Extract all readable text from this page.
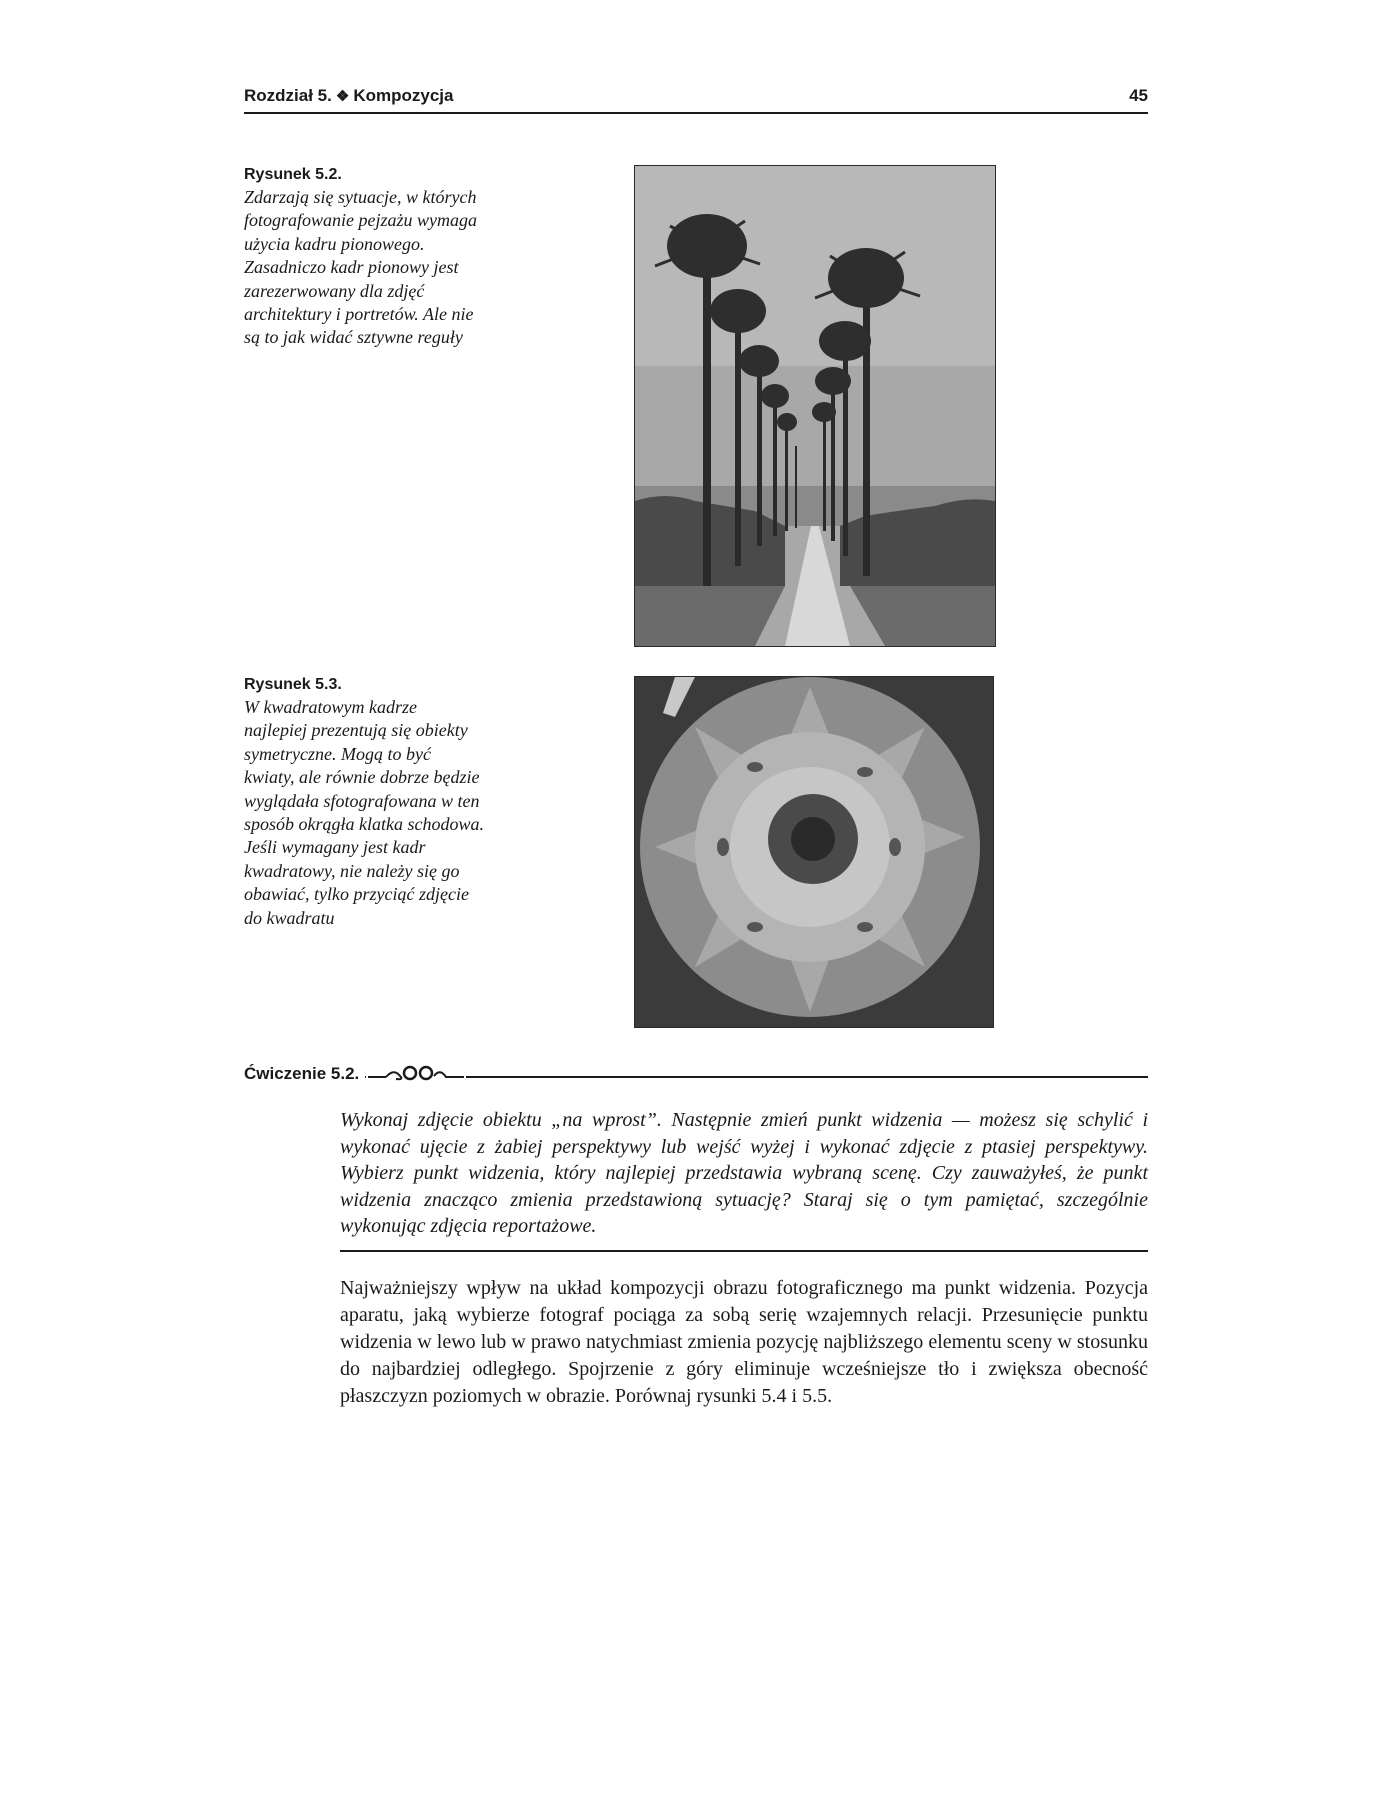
Rozdział 5. ❖ Kompozycja	45
Rysunek 5.2.
Zdarzają się sytuacje, w których fotografowanie pejzażu wymaga użycia kadru pionowego. Zasadniczo kadr pionowy jest zarezerwowany dla zdjęć architektury i portretów. Ale nie są to jak widać sztywne reguły
Rysunek 5.3.
W kwadratowym kadrze najlepiej prezentują się obiekty symetryczne. Mogą to być kwiaty, ale równie dobrze będzie wyglądała sfotografowana w ten sposób okrągła klatka schodowa. Jeśli wymagany jest kadr kwadratowy, nie należy się go obawiać, tylko przyciąć zdjęcie do kwadratu
Ćwiczenie 5.2.
Wykonaj zdjęcie obiektu „na wprost”. Następnie zmień punkt widzenia — możesz się schylić i wykonać ujęcie z żabiej perspektywy lub wejść wyżej i wykonać zdjęcie z ptasiej perspektywy. Wybierz punkt widzenia, który najlepiej przedstawia wybraną scenę. Czy zauważyłeś, że punkt widzenia znacząco zmienia przedstawioną sytuację? Staraj się o tym pamiętać, szczególnie wykonując zdjęcia reportażowe.
Najważniejszy wpływ na układ kompozycji obrazu fotograficznego ma punkt widzenia. Pozycja aparatu, jaką wybierze fotograf pociąga za sobą serię wzajemnych relacji. Przesunięcie punktu widzenia w lewo lub w prawo natychmiast zmienia pozycję najbliższego elementu sceny w stosunku do najbardziej odległego. Spojrzenie z góry eliminuje wcześniejsze tło i zwiększa obecność płaszczyzn poziomych w obrazie. Porównaj rysunki 5.4 i 5.5.
